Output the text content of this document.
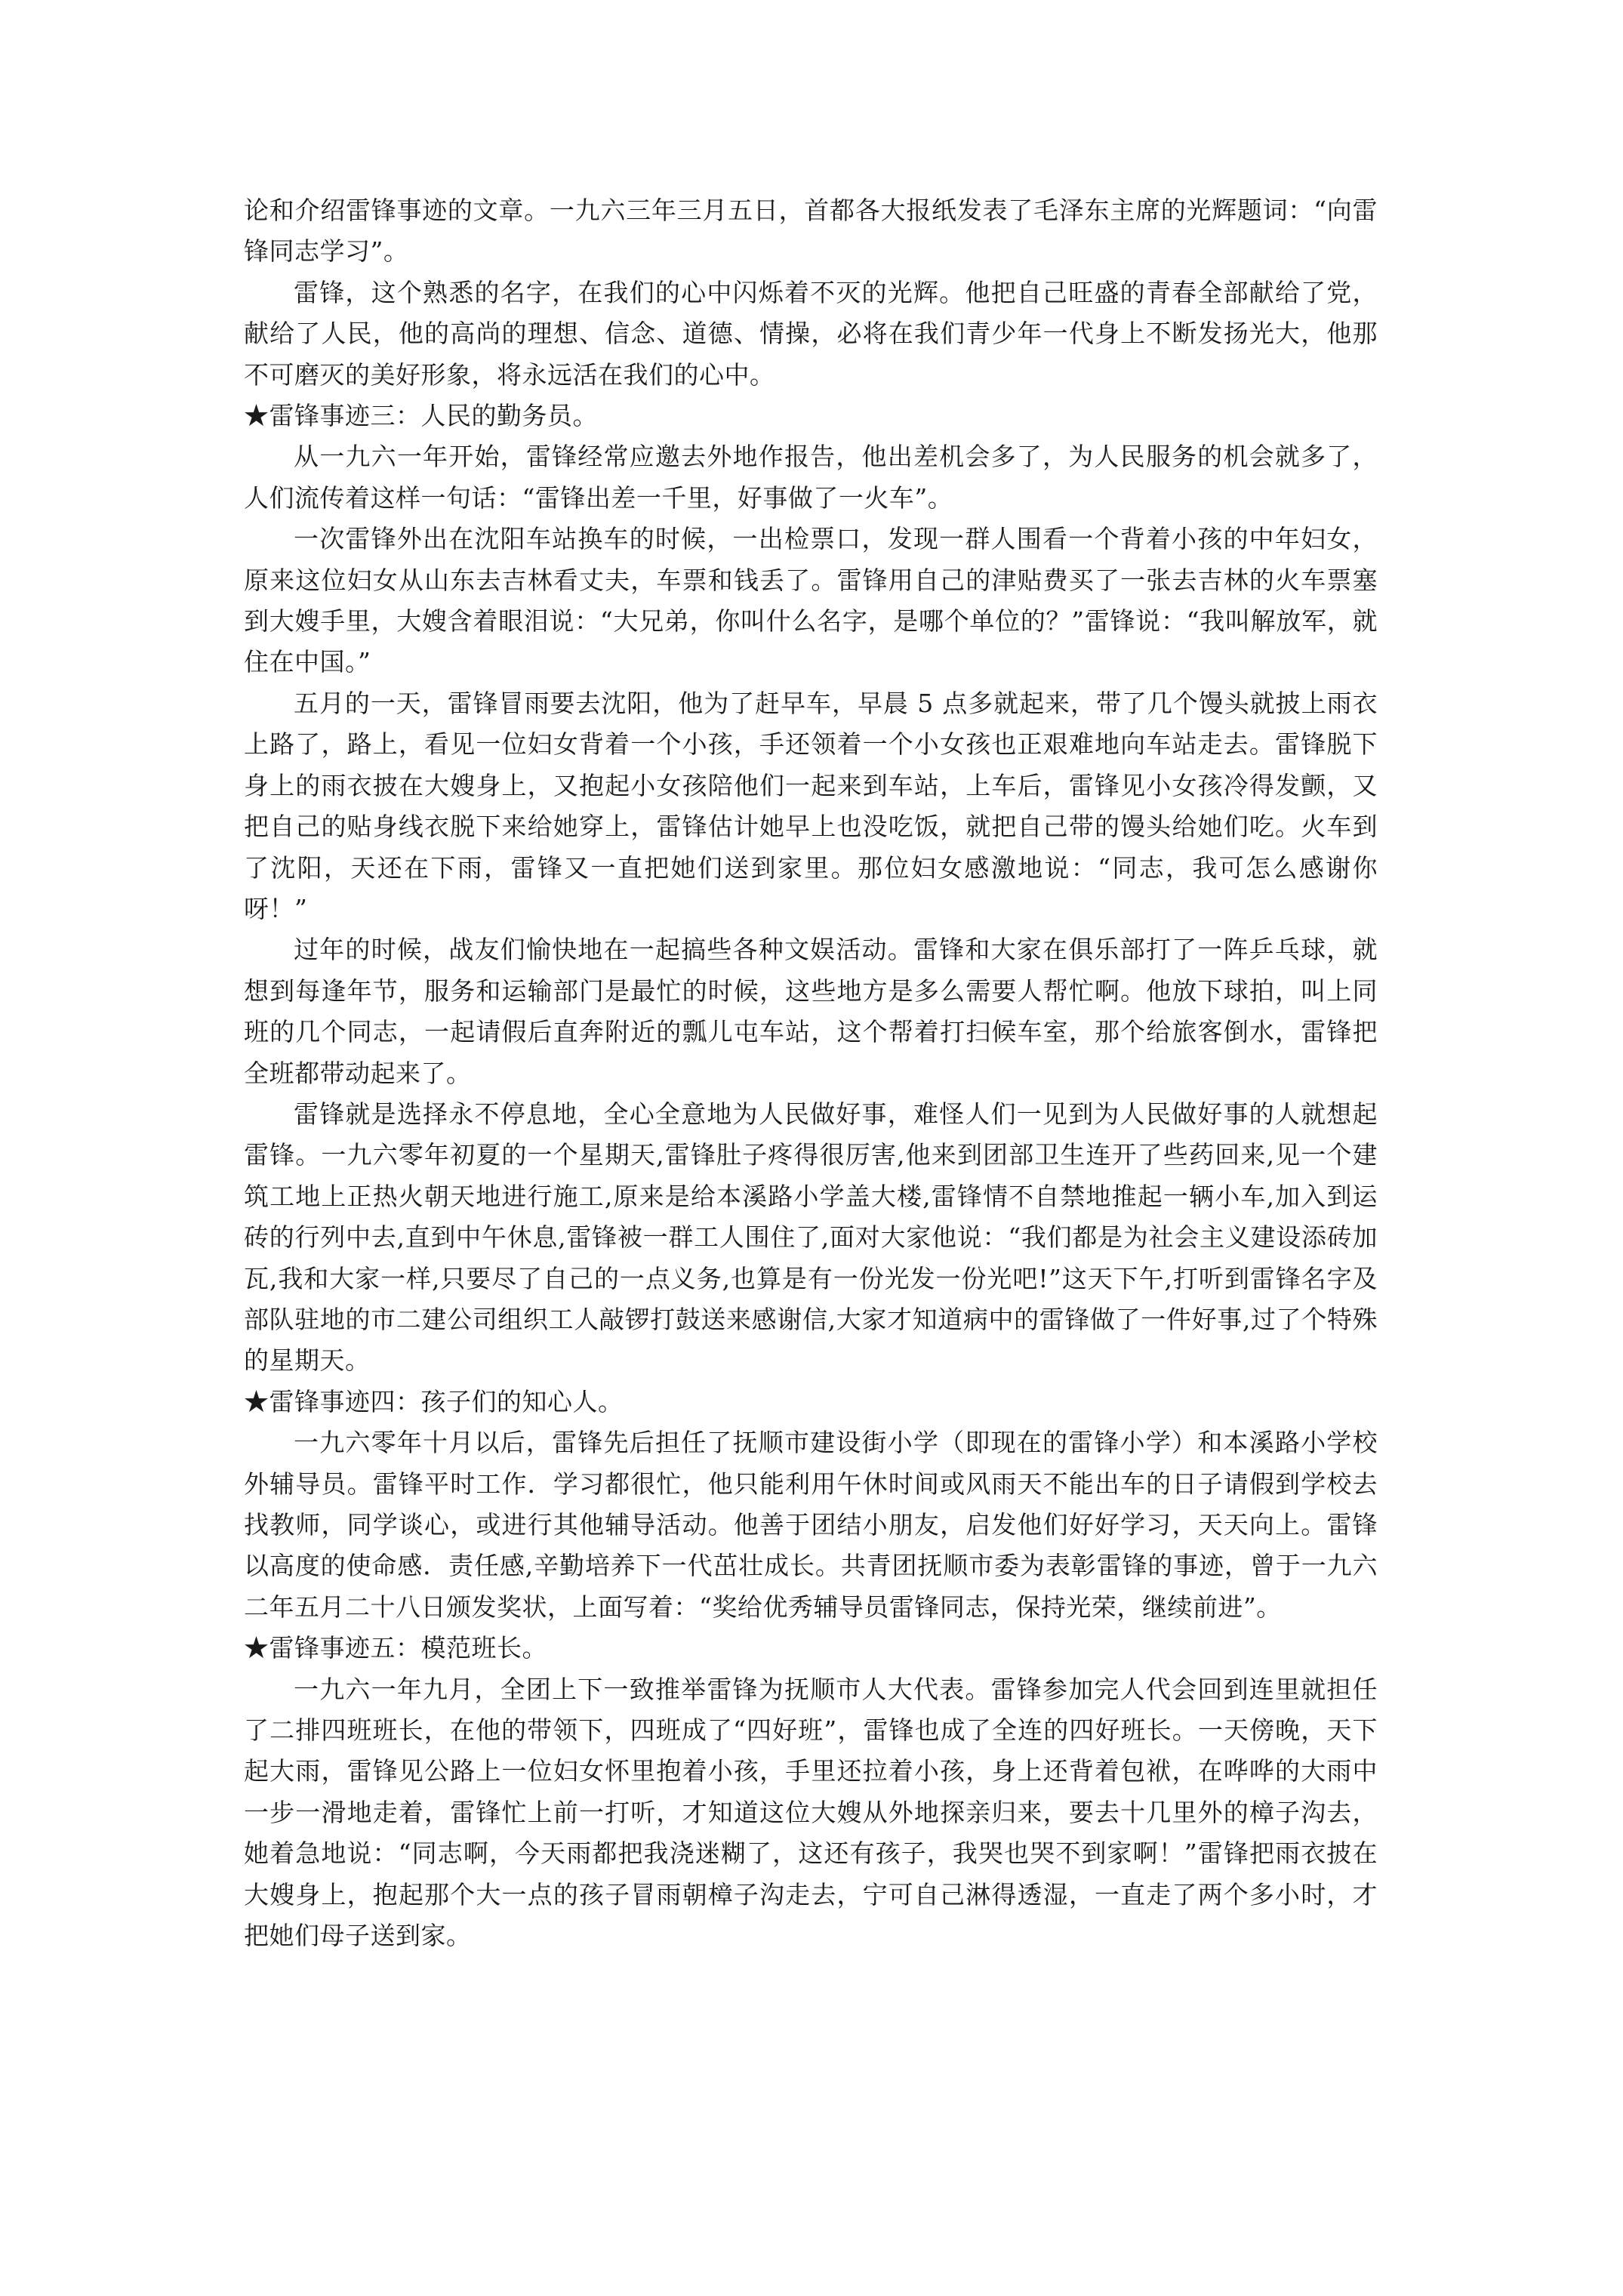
论和介绍雷锋事迹的文章。一九六三年三月五日，首都各大报纸发表了毛泽东主席的光辉题词：“向雷锋同志学习”。

雷锋，这个熟悉的名字，在我们的心中闪烁着不灭的光辉。他把自己旺盛的青春全部献给了党，献给了人民，他的高尚的理想、信念、道德、情操，必将在我们青少年一代身上不断发扬光大，他那不可磨灭的美好形象，将永远活在我们的心中。

★雷锋事迹三：人民的勤务员。

从一九六一年开始，雷锋经常应邀去外地作报告，他出差机会多了，为人民服务的机会就多了，人们流传着这样一句话：“雷锋出差一千里，好事做了一火车”。

一次雷锋外出在沈阳车站换车的时候，一出检票口，发现一群人围看一个背着小孩的中年妇女，原来这位妇女从山东去吉林看丈夫，车票和钱丢了。雷锋用自己的津贴费买了一张去吉林的火车票塞到大嫂手里，大嫂含着眼泪说：“大兄弟，你叫什么名字，是哪个单位的？”雷锋说：“我叫解放军，就住在中国。”

五月的一天，雷锋冒雨要去沈阳，他为了赶早车，早晨 5 点多就起来，带了几个馒头就披上雨衣上路了，路上，看见一位妇女背着一个小孩，手还领着一个小女孩也正艰难地向车站走去。雷锋脱下身上的雨衣披在大嫂身上，又抱起小女孩陪他们一起来到车站，上车后，雷锋见小女孩冷得发颤，又把自己的贴身线衣脱下来给她穿上，雷锋估计她早上也没吃饭，就把自己带的馒头给她们吃。火车到了沈阳，天还在下雨，雷锋又一直把她们送到家里。那位妇女感激地说：“同志，我可怎么感谢你呀！”

过年的时候，战友们愉快地在一起搞些各种文娱活动。雷锋和大家在俱乐部打了一阵乒乓球，就想到每逢年节，服务和运输部门是最忙的时候，这些地方是多么需要人帮忙啊。他放下球拍，叫上同班的几个同志，一起请假后直奔附近的瓢儿屯车站，这个帮着打扫候车室，那个给旅客倒水，雷锋把全班都带动起来了。

雷锋就是选择永不停息地，全心全意地为人民做好事，难怪人们一见到为人民做好事的人就想起雷锋。一九六零年初夏的一个星期天,雷锋肚子疼得很厉害,他来到团部卫生连开了些药回来,见一个建筑工地上正热火朝天地进行施工,原来是给本溪路小学盖大楼,雷锋情不自禁地推起一辆小车,加入到运砖的行列中去,直到中午休息,雷锋被一群工人围住了,面对大家他说：“我们都是为社会主义建设添砖加瓦,我和大家一样,只要尽了自己的一点义务,也算是有一份光发一份光吧!”这天下午,打听到雷锋名字及部队驻地的市二建公司组织工人敲锣打鼓送来感谢信,大家才知道病中的雷锋做了一件好事,过了个特殊的星期天。

★雷锋事迹四：孩子们的知心人。

一九六零年十月以后，雷锋先后担任了抚顺市建设街小学（即现在的雷锋小学）和本溪路小学校外辅导员。雷锋平时工作．学习都很忙，他只能利用午休时间或风雨天不能出车的日子请假到学校去找教师，同学谈心，或进行其他辅导活动。他善于团结小朋友，启发他们好好学习，天天向上。雷锋以高度的使命感．责任感,辛勤培养下一代茁壮成长。共青团抚顺市委为表彰雷锋的事迹，曾于一九六二年五月二十八日颁发奖状，上面写着：“奖给优秀辅导员雷锋同志，保持光荣，继续前进”。

★雷锋事迹五：模范班长。

一九六一年九月，全团上下一致推举雷锋为抚顺市人大代表。雷锋参加完人代会回到连里就担任了二排四班班长，在他的带领下，四班成了“四好班”，雷锋也成了全连的四好班长。一天傍晚，天下起大雨，雷锋见公路上一位妇女怀里抱着小孩，手里还拉着小孩，身上还背着包袱，在哗哗的大雨中一步一滑地走着，雷锋忙上前一打听，才知道这位大嫂从外地探亲归来，要去十几里外的樟子沟去，她着急地说：“同志啊，今天雨都把我浇迷糊了，这还有孩子，我哭也哭不到家啊！”雷锋把雨衣披在大嫂身上，抱起那个大一点的孩子冒雨朝樟子沟走去，宁可自己淋得透湿，一直走了两个多小时，才把她们母子送到家。
